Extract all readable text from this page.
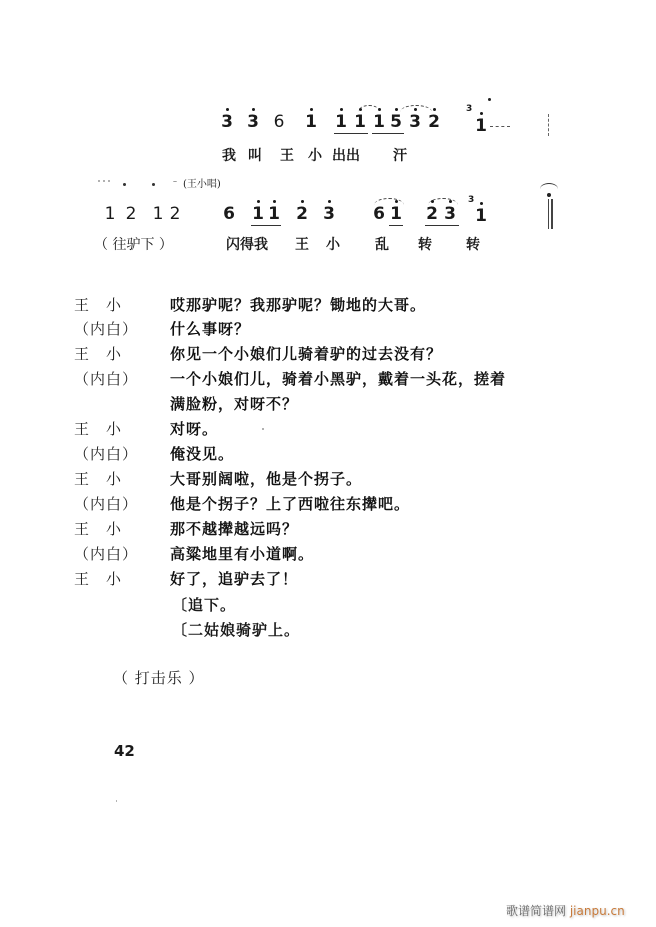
3 3 6 1 1 1 1 5 3 2
3
1
我 叫 王 小 出出 汗
(王小唱)
1 2 1 2	6 1 1 2 3 6 1 2 3
3
1
（ 往驴下 ）	闪得我 王 小	乱 转 转
王　小	哎那驴呢？我那驴呢？锄地的大哥。
（内白）	什么事呀？
王　小	你见一个小娘们儿骑着驴的过去没有？
（内白）	一个小娘们儿，骑着小黑驴，戴着一头花，搓着
满脸粉，对呀不？
王　小	对呀。
（内白）	俺没见。
王　小	大哥别阔啦，他是个拐子。
（内白）	他是个拐子？上了西啦往东撵吧。
王　小	那不越撵越远吗？
（内白）	高粱地里有小道啊。
王　小	好了，追驴去了！
〔追下。
〔二姑娘骑驴上。
（ 打击乐 ）
42
歌谱简谱网 jianpu.cn
